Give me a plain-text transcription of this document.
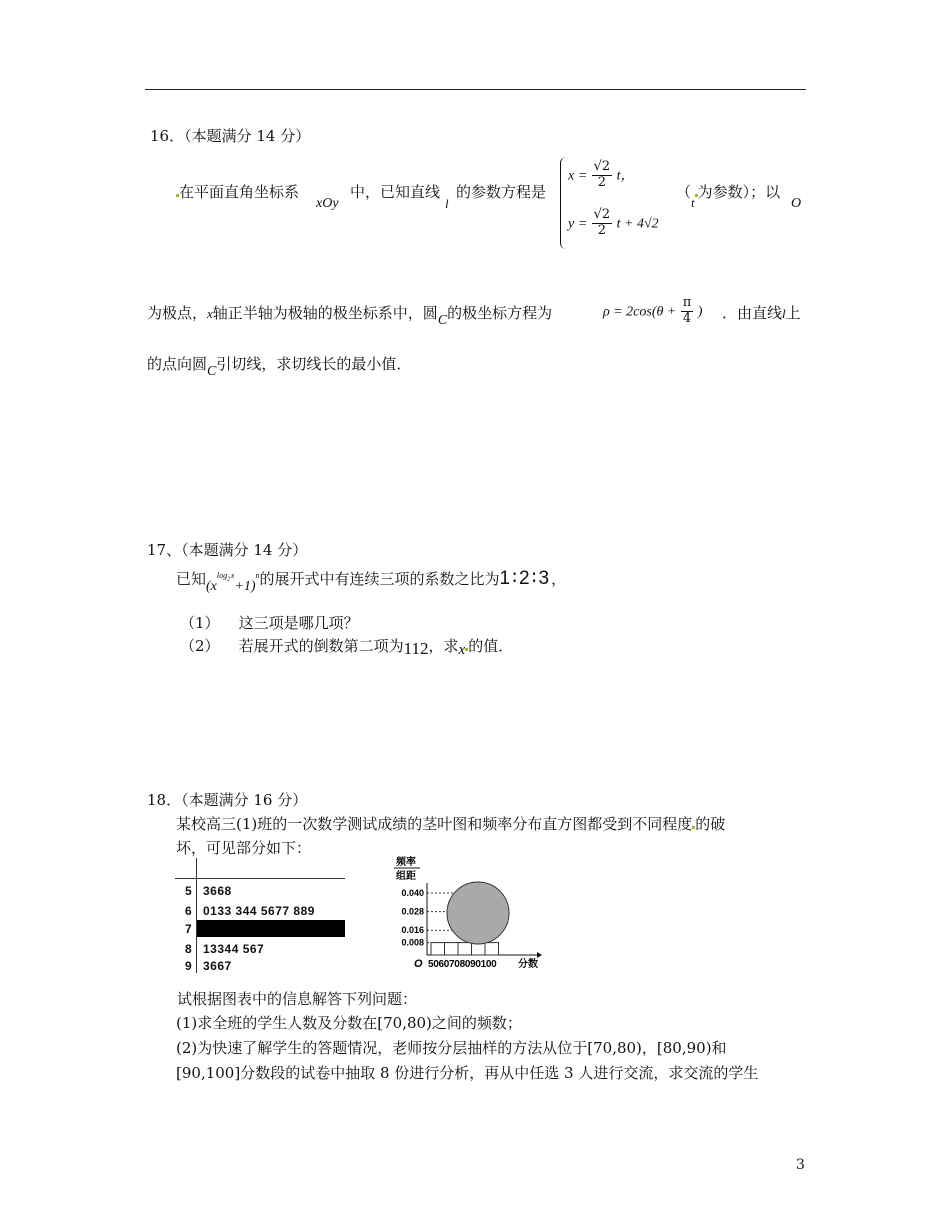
16．（本题满分 14 分）
在平面直角坐标系
xOy
中，已知直线
l
的参数方程是
$x = \frac{√2}{2}$ t，
$y = \frac{√2}{2}$ t + 4√2
（t为参数）；以
O
为极点，x轴正半轴为极轴的极坐标系中，圆C的极坐标方程为	$\rho = 2\cos(\theta + \frac{\pi}{4}$ ) ．由直线l上
的点向圆C引切线，求切线长的最小值．
17、（本题满分 14 分）
已知$(x^{log_2 x}+1)^n$的展开式中有连续三项的系数之比为1∶2∶3，
（1） 这三项是哪几项？
（2） 若展开式的倒数第二项为112，求x 的值．
18．（本题满分 16 分）
某校高三(1)班的一次数学测试成绩的茎叶图和频率分布直方图都受到不同程度 的破
坏，可见部分如下：
5 3668
6 0133 344 5677 889
7
8 13344 567
9 3667
频率
组距
0.040
0.028
0.016
0.008
O 5060708090100 分数
试根据图表中的信息解答下列问题：
(1)求全班的学生人数及分数在[70,80)之间的频数；
(2)为快速了解学生的答题情况，老师按分层抽样的方法从位于[70,80)，[80,90)和
[90,100]分数段的试卷中抽取 8 份进行分析，再从中任选 3 人进行交流，求交流的学生
3
